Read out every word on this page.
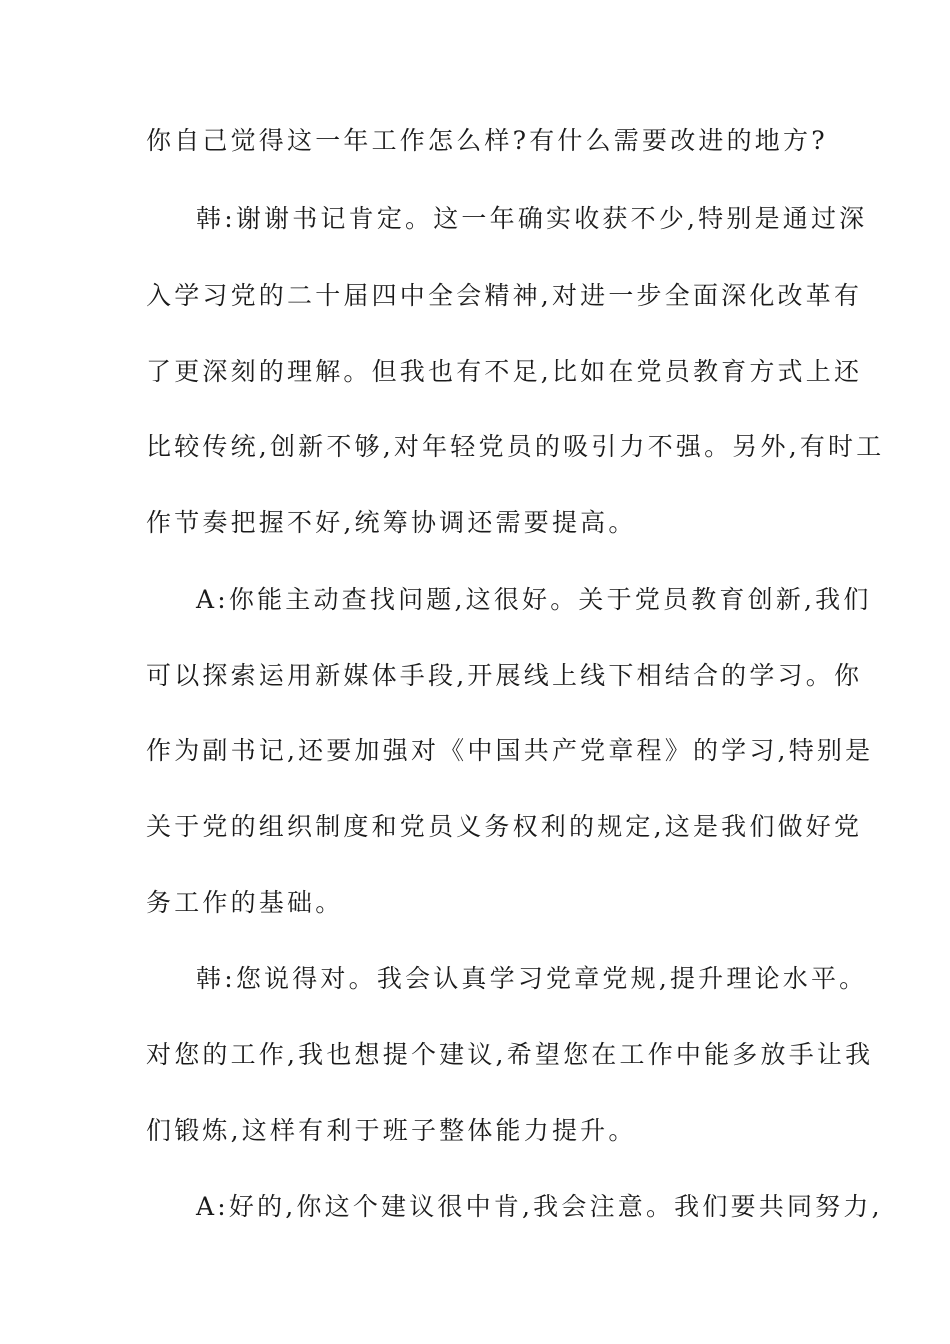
你自己觉得这一年工作怎么样?有什么需要改进的地方?
韩:谢谢书记肯定。这一年确实收获不少,特别是通过深
入学习党的二十届四中全会精神,对进一步全面深化改革有
了更深刻的理解。但我也有不足,比如在党员教育方式上还
比较传统,创新不够,对年轻党员的吸引力不强。另外,有时工
作节奏把握不好,统筹协调还需要提高。
A:你能主动查找问题,这很好。关于党员教育创新,我们
可以探索运用新媒体手段,开展线上线下相结合的学习。你
作为副书记,还要加强对《中国共产党章程》的学习,特别是
关于党的组织制度和党员义务权利的规定,这是我们做好党
务工作的基础。
韩:您说得对。我会认真学习党章党规,提升理论水平。
对您的工作,我也想提个建议,希望您在工作中能多放手让我
们锻炼,这样有利于班子整体能力提升。
A:好的,你这个建议很中肯,我会注意。我们要共同努力,
